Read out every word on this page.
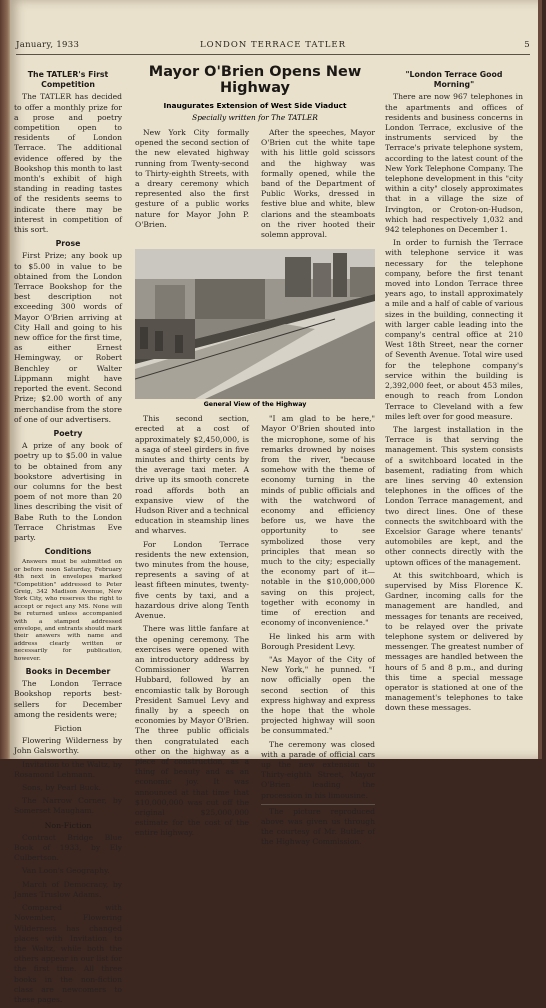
January, 1933	LONDON TERRACE TATLER	5
The TATLER's First Competition

The TATLER has decided to offer a monthly prize for a prose and poetry competition open to residents of London Terrace. The additional evidence offered by the Bookshop this month to last month's exhibit of high standing in reading tastes of the residents seems to indicate there may be interest in competition of this sort.

Prose

First Prize; any book up to $5.00 in value to be obtained from the London Terrace Bookshop for the best description not exceeding 300 words of Mayor O'Brien arriving at City Hall and going to his new office for the first time, as either Ernest Hemingway, or Robert Benchley or Walter Lippmann might have reported the event. Second Prize; $2.00 worth of any merchandise from the store of one of our advertisers.

Poetry

A prize of any book of poetry up to $5.00 in value to be obtained from any bookstore advertising in our columns for the best poem of not more than 20 lines describing the visit of Babe Ruth to the London Terrace Christmas Eve party.

Conditions

Answers must be submitted on or before noon Saturday, February 4th next in envelopes marked "Competition" addressed to Peter Greig, 342 Madison Avenue, New York City, who reserves the right to accept or reject any MS. None will be returned unless accompanied with a stamped addressed envelope, and entrants should mark their answers with name and address clearly written or necessarily for publication, however.

Books in December

The London Terrace Bookshop reports best-sellers for December among the residents were;

Fiction

Flowering Wilderness by John Galsworthy.

Invitation to the Waltz, by Rosamond Lehmann.

Sons, by Pearl Buck.

The Narrow Corner, by Somerset Maugham.

Non-Fiction

Contract Bridge Blue Book of 1933, by Ely Culbertson.

Van Loon's Geography.

March of Democracy, by James Truslow Adams.

Compared with November, Flowering Wilderness has changed places with Invitation to the Waltz, while both the others appear in our list for the first time. All three books in the non-fiction class are newcomers to these pages.

Mayor O'Brien Opens New Highway
Inaugurates Extension of West Side Viaduct
Specially written for The TATLER

New York City formally opened the second section of the new elevated highway running from Twenty-second to Thirty-eighth Streets, with a dreary ceremony which represented also the first gesture of a public works nature for Mayor John P. O'Brien.

After the speeches, Mayor O'Brien cut the white tape with his little gold scissors and the highway was formally opened, while the band of the Department of Public Works, dressed in festive blue and white, blew clarions and the steamboats on the river hooted their solemn approval.

General View of the Highway

This second section, erected at a cost of approximately $2,450,000, is a saga of steel girders in five minutes and thirty cents by the average taxi meter. A drive up its smooth concrete road affords both an expansive view of the Hudson River and a technical education in steamship lines and wharves.

For London Terrace residents the new extension, two minutes from the house, represents a saving of at least fifteen minutes, twenty-five cents by taxi, and a hazardous drive along Tenth Avenue.

There was little fanfare at the opening ceremony. The exercises were opened with an introductory address by Commissioner Warren Hubbard, followed by an encomiastic talk by Borough President Samuel Levy and finally by a speech on economies by Mayor O'Brien. The three public officials then congratulated each other on the highway as a piece of construction, as a thing of beauty and as an economic joy. It was announced at that time that $10,000,000 was cut off the original $25,000,000 estimate for the cost of the entire highway.

"I am glad to be here," Mayor O'Brien shouted into the microphone, some of his remarks drowned by noises from the river, "because somehow with the theme of economy turning in the minds of public officials and with the watchword of economy and efficiency before us, we have the opportunity to see symbolized those very principles that mean so much to the city; especially the economy part of it—notable in the $10,000,000 saving on this project, together with economy in time of erection and economy of inconvenience."

He linked his arm with Borough President Levy.

"As Mayor of the City of New York," he punned. "I now officially open the second section of this express highway and express the hope that the whole projected highway will soon be consummated."

The ceremony was closed with a parade of official cars up the new extension to Thirty-eighth Street, Mayor O'Brien leading the procession in his limousine.

The picture reproduced above was given us through the courtesy of Mr. Butler of the Highway Commission.

"London Terrace Good Morning"

There are now 967 telephones in the apartments and offices of residents and business concerns in London Terrace, exclusive of the instruments serviced by the Terrace's private telephone system, according to the latest count of the New York Telephone Company. The telephone development in this "city within a city" closely approximates that in a village the size of Irvington, or Croton-on-Hudson, which had respectively 1,032 and 942 telephones on December 1.

In order to furnish the Terrace with telephone service it was necessary for the telephone company, before the first tenant moved into London Terrace three years ago, to install approximately a mile and a half of cable of various sizes in the building, connecting it with larger cable leading into the company's central office at 210 West 18th Street, near the corner of Seventh Avenue. Total wire used for the telephone company's service within the building is 2,392,000 feet, or about 453 miles, enough to reach from London Terrace to Cleveland with a few miles left over for good measure.

The largest installation in the Terrace is that serving the management. This system consists of a switchboard located in the basement, radiating from which are lines serving 40 extension telephones in the offices of the London Terrace management, and two direct lines. One of these connects the switchboard with the Excelsior Garage where tenants' automobiles are kept, and the other connects directly with the uptown offices of the management.

At this switchboard, which is supervised by Miss Florence K. Gardner, incoming calls for the management are handled, and messages for tenants are received, to be relayed over the private telephone system or delivered by messenger. The greatest number of messages are handled between the hours of 5 and 8 p.m., and during this time a special message operator is stationed at one of the management's telephones to take down these messages.
